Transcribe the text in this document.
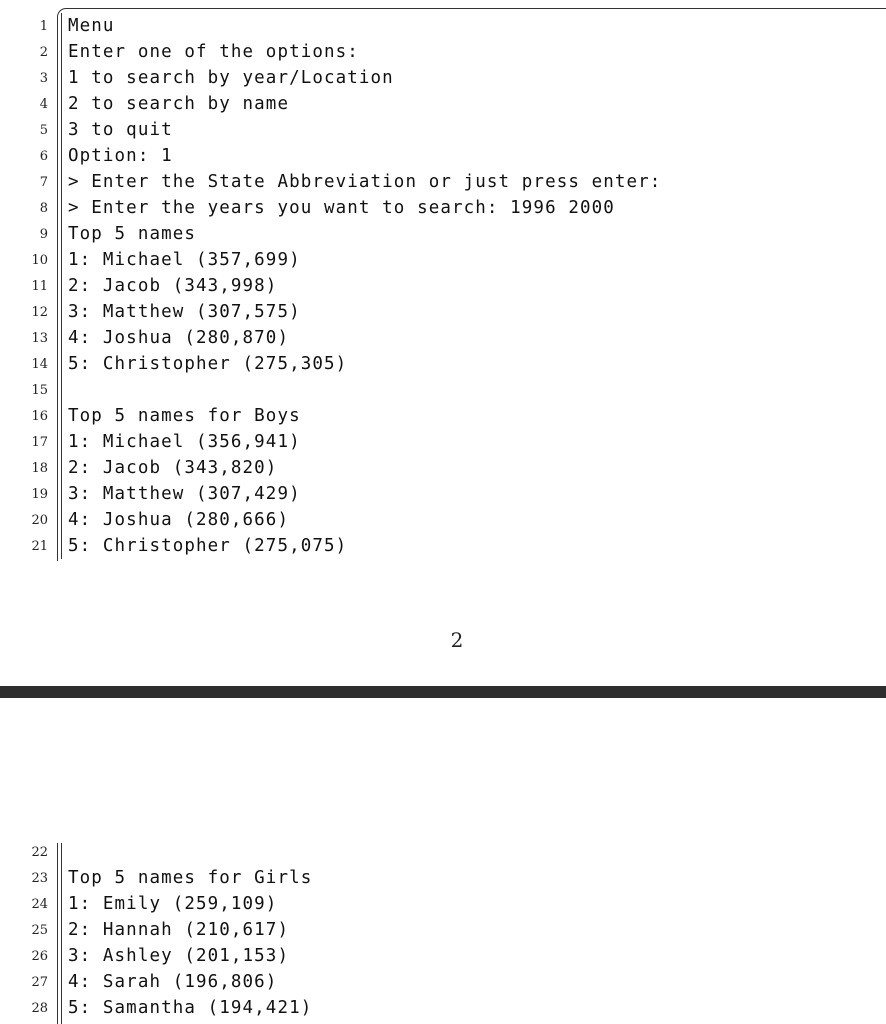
1 Menu
2 Enter one of the options:
3 1 to search by year/Location
4 2 to search by name
5 3 to quit
6 Option: 1
7 > Enter the State Abbreviation or just press enter:
8 > Enter the years you want to search: 1996 2000
9 Top 5 names
10 1: Michael (357,699)
11 2: Jacob (343,998)
12 3: Matthew (307,575)
13 4: Joshua (280,870)
14 5: Christopher (275,305)
15
16 Top 5 names for Boys
17 1: Michael (356,941)
18 2: Jacob (343,820)
19 3: Matthew (307,429)
20 4: Joshua (280,666)
21 5: Christopher (275,075)
2
22
23 Top 5 names for Girls
24 1: Emily (259,109)
25 2: Hannah (210,617)
26 3: Ashley (201,153)
27 4: Sarah (196,806)
28 5: Samantha (194,421)
